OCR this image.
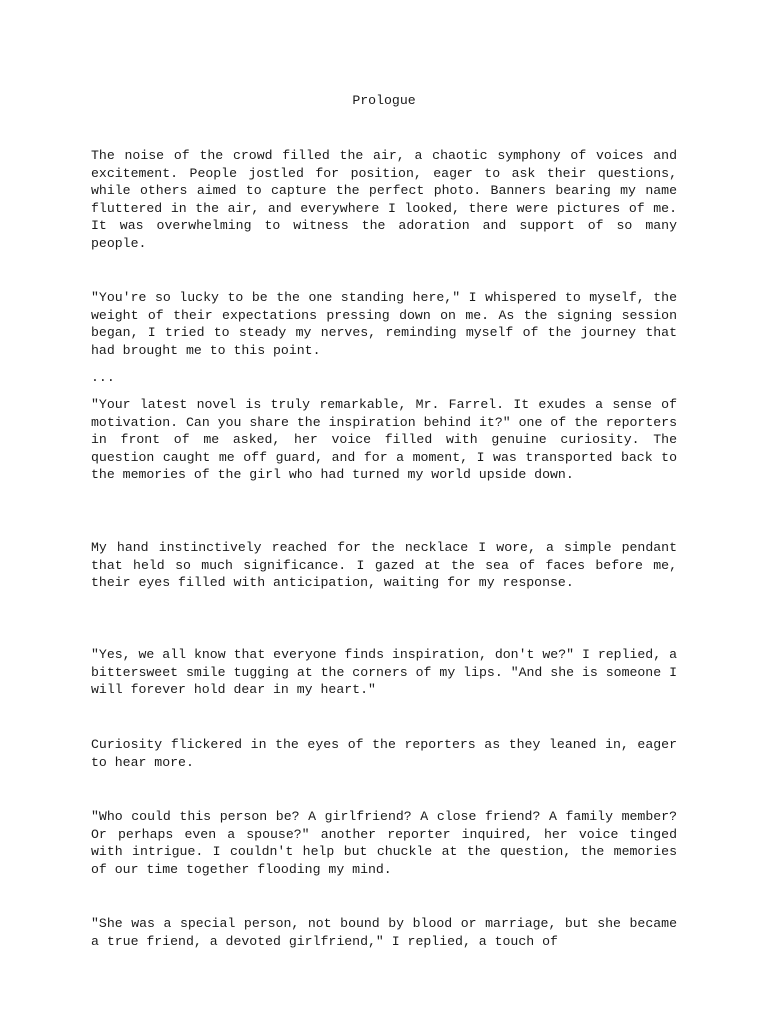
Prologue

The noise of the crowd filled the air, a chaotic symphony of voices and excitement. People jostled for position, eager to ask their questions, while others aimed to capture the perfect photo. Banners bearing my name fluttered in the air, and everywhere I looked, there were pictures of me. It was overwhelming to witness the adoration and support of so many people.

"You're so lucky to be the one standing here," I whispered to myself, the weight of their expectations pressing down on me. As the signing session began, I tried to steady my nerves, reminding myself of the journey that had brought me to this point.

...

"Your latest novel is truly remarkable, Mr. Farrel. It exudes a sense of motivation. Can you share the inspiration behind it?" one of the reporters in front of me asked, her voice filled with genuine curiosity. The question caught me off guard, and for a moment, I was transported back to the memories of the girl who had turned my world upside down.

My hand instinctively reached for the necklace I wore, a simple pendant that held so much significance. I gazed at the sea of faces before me, their eyes filled with anticipation, waiting for my response.

"Yes, we all know that everyone finds inspiration, don't we?" I replied, a bittersweet smile tugging at the corners of my lips. "And she is someone I will forever hold dear in my heart."

Curiosity flickered in the eyes of the reporters as they leaned in, eager to hear more.

"Who could this person be? A girlfriend? A close friend? A family member? Or perhaps even a spouse?" another reporter inquired, her voice tinged with intrigue. I couldn't help but chuckle at the question, the memories of our time together flooding my mind.

"She was a special person, not bound by blood or marriage, but she became a true friend, a devoted girlfriend," I replied, a touch of
